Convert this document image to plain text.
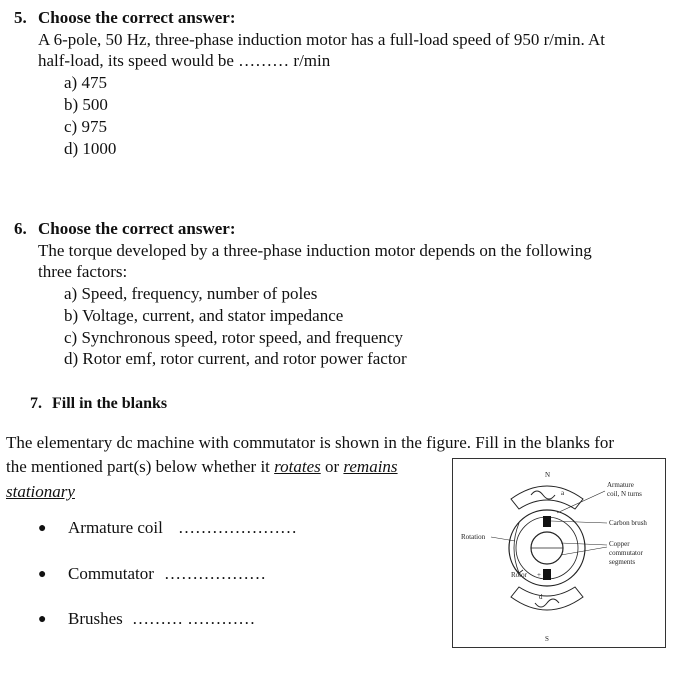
5. Choose the correct answer:
A 6-pole, 50 Hz, three-phase induction motor has a full-load speed of 950 r/min. At
half-load, its speed would be ……… r/min
a) 475
b) 500
c) 975
d) 1000
6. Choose the correct answer:
The torque developed by a three-phase induction motor depends on the following
three factors:
a) Speed, frequency, number of poles
b) Voltage, current, and stator impedance
c) Synchronous speed, rotor speed, and frequency
d) Rotor emf, rotor current, and rotor power factor
7. Fill in the blanks
The elementary dc machine with commutator is shown in the figure. Fill in the blanks for
the mentioned part(s) below whether it rotates or remains
stationary
● Armature coil …………………
● Commutator ………………
● Brushes ……… …………
N
S
a
d
Rotation
Rotor +
Armature
coil, N turns
Carbon brush
Copper
commutator
segments
